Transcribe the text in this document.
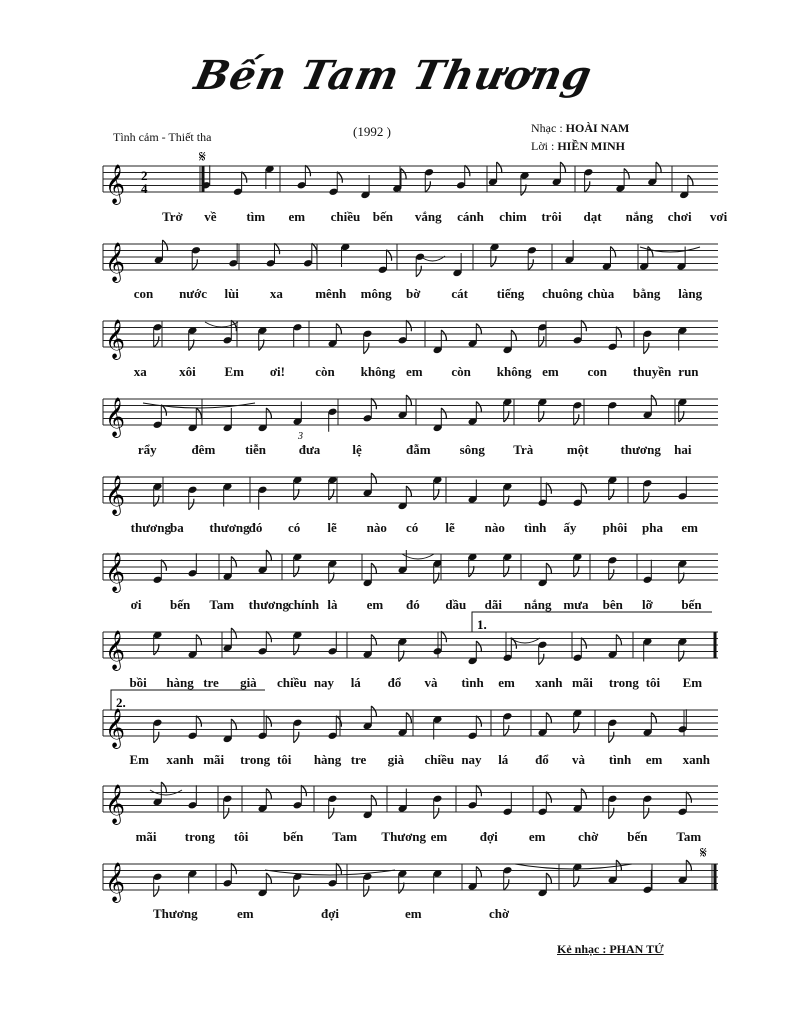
Bến Tam Thương
Tình cảm - Thiết tha	(1992 )	Nhạc : HOÀI NAM
Lời : HIỀN MINH
𝄞
𝄞
𝄞
𝄞
𝄞
𝄞
𝄞
𝄞
𝄞
𝄞
2
4
𝄋
𝄋
1.
2.
3
Trở về tìm em chiều bến vắng cánh chim trôi dạt nắng chơi vơi
con nước lùi xa mênh mông bờ cát tiếng chuông chùa bằng làng
xa xôi Em ơi! còn không em còn không em con thuyền run
rẩy	đêm tiễn	đưa lệ	đẫm sông Trà	một thương hai
thương ba thương đó có lẽ nào có lẽ nào tình ấy phôi pha em
ơi bến Tam thương chính là em đó dầu dãi nắng mưa bên lỡ bến
bồi hàng tre già chiều nay lá đổ và tình em xanh mãi trong tôi Em
Em xanh mãi trong tôi hàng tre già chiều nay lá đổ và tình em xanh
mãi trong tôi	bến Tam Thương em	đợi em	chờ bến Tam
Thương	em	đợi	em	chờ
Kẻ nhạc : PHAN TỨ
